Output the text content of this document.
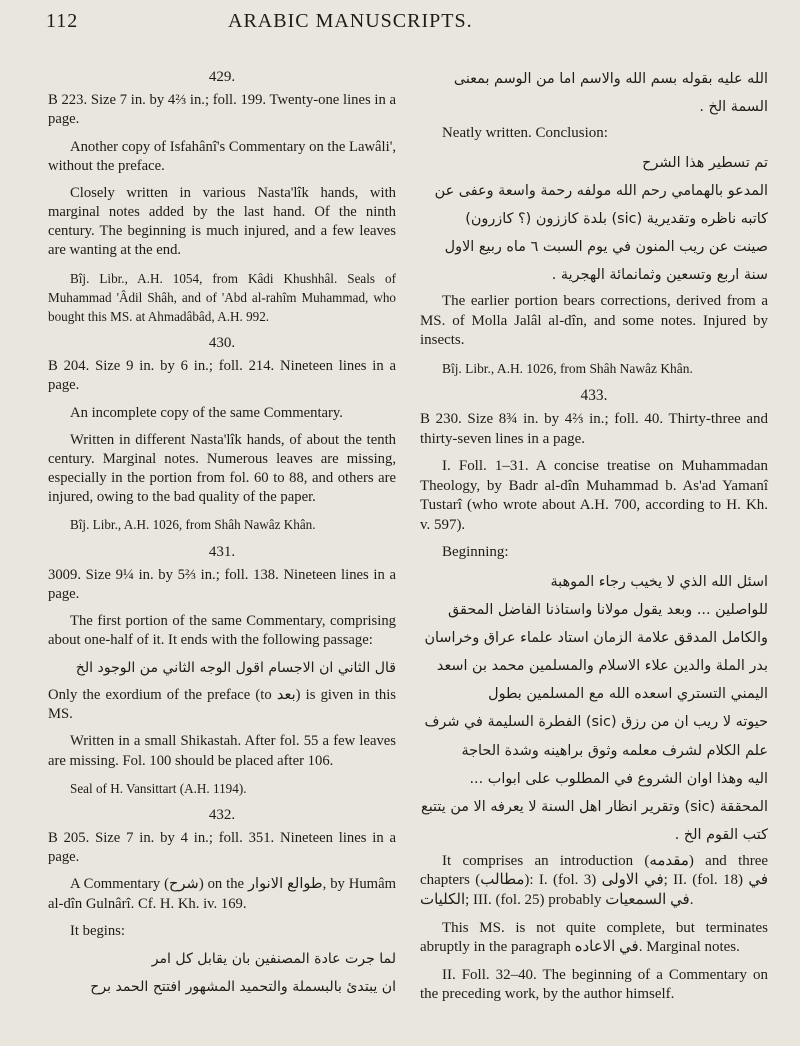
112	ARABIC MANUSCRIPTS.
429.

B 223. Size 7 in. by 4⅔ in.; foll. 199. Twenty-one lines in a page.

Another copy of Isfahânî's Commentary on the Lawâli', without the preface.

Closely written in various Nasta'lîk hands, with marginal notes added by the last hand. Of the ninth century. The beginning is much injured, and a few leaves are wanting at the end.

Bîj. Libr., A.H. 1054, from Kâdi Khushhâl. Seals of Muhammad 'Âdil Shâh, and of 'Abd al-rahîm Muhammad, who bought this MS. at Ahmadâbâd, A.H. 992.

430.

B 204. Size 9 in. by 6 in.; foll. 214. Nineteen lines in a page.

An incomplete copy of the same Commentary.

Written in different Nasta'lîk hands, of about the tenth century. Marginal notes. Numerous leaves are missing, especially in the portion from fol. 60 to 88, and others are injured, owing to the bad quality of the paper.

Bîj. Libr., A.H. 1026, from Shâh Nawâz Khân.

431.

3009. Size 9¼ in. by 5⅔ in.; foll. 138. Nineteen lines in a page.

The first portion of the same Commentary, comprising about one-half of it. It ends with the following passage:

قال الثاني ان الاجسام اقول الوجه الثاني من الوجود الخ

Only the exordium of the preface (to بعد) is given in this MS.

Written in a small Shikastah. After fol. 55 a few leaves are missing. Fol. 100 should be placed after 106.

Seal of H. Vansittart (A.H. 1194).

432.

B 205. Size 7 in. by 4 in.; foll. 351. Nineteen lines in a page.

A Commentary (شرح) on the طوالع الانوار, by Humâm al-dîn Gulnârî. Cf. H. Kh. iv. 169.

It begins:

لما جرت عادة المصنفين بان يقابل كل امر
ان يبتدئ بالبسملة والتحميد المشهور افتتح الحمد برح
الله عليه بقوله بسم الله والاسم اما من الوسم بمعنى
السمة الخ .

Neatly written. Conclusion:

تم تسطير هذا الشرح
المدعو بالهمامي رحم الله مولفه رحمة واسعة وعفى عن
كاتبه ناظره وتقديرية (sic) بلدة كاززون (؟ كازرون)
صينت عن ريب المنون في يوم السبت ٦ ماه ربيع الاول
سنة اربع وتسعين وثمانمائة الهجرية .

The earlier portion bears corrections, derived from a MS. of Molla Jalâl al-dîn, and some notes. Injured by insects.

Bîj. Libr., A.H. 1026, from Shâh Nawâz Khân.

433.

B 230. Size 8¾ in. by 4⅔ in.; foll. 40. Thirty-three and thirty-seven lines in a page.

I. Foll. 1–31. A concise treatise on Muhammadan Theology, by Badr al-dîn Muhammad b. As'ad Yamanî Tustarî (who wrote about A.H. 700, according to H. Kh. v. 597).

Beginning:

اسئل الله الذي لا يخيب رجاء الموهبة
للواصلين ... وبعد يقول مولانا واستاذنا الفاضل المحقق
والكامل المدقق علامة الزمان استاد علماء عراق وخراسان
بدر الملة والدين علاء الاسلام والمسلمين محمد بن اسعد
اليمني التستري اسعده الله مع المسلمين بطول
حيوته لا ريب ان من رزق (sic) الفطرة السليمة في شرف
علم الكلام لشرف معلمه وثوق براهينه وشدة الحاجة
اليه وهذا اوان الشروع في المطلوب على ابواب ...
المحققة (sic) وتقرير انظار اهل السنة لا يعرفه الا من يتتبع
كتب القوم الخ .

It comprises an introduction (مقدمه) and three chapters (مطالب): I. (fol. 3) في الاولى; II. (fol. 18) في الكليات; III. (fol. 25) probably في السمعيات.

This MS. is not quite complete, but terminates abruptly in the paragraph في الاعاده. Marginal notes.

II. Foll. 32–40. The beginning of a Commentary on the preceding work, by the author himself.
